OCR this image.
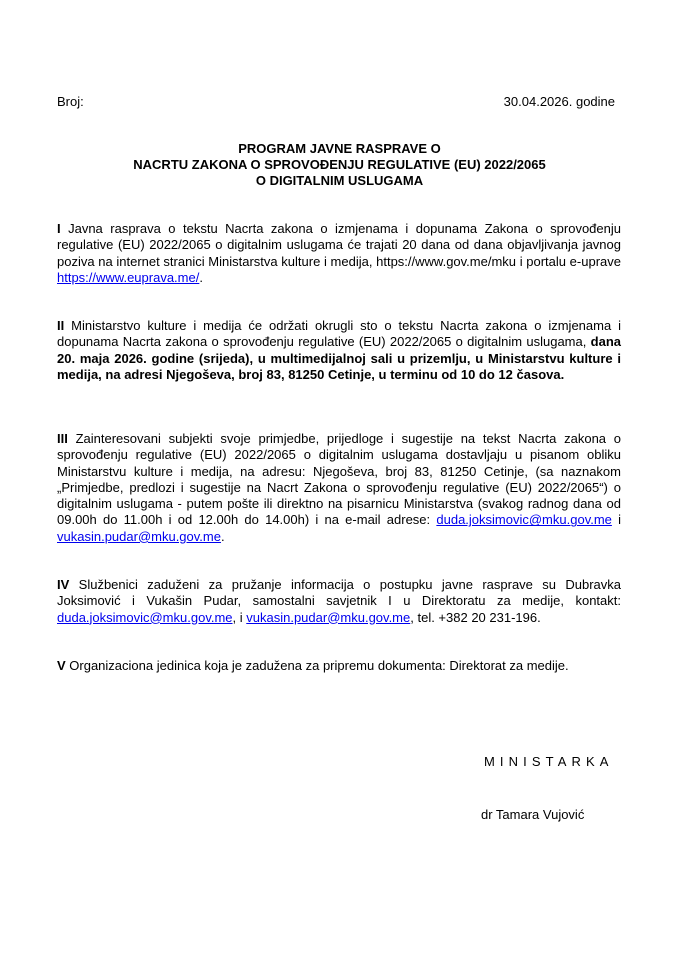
Broj:	30.04.2026. godine
PROGRAM JAVNE RASPRAVE O
NACRTU ZAKONA O SPROVOĐENJU REGULATIVE (EU) 2022/2065
O DIGITALNIM USLUGAMA
I Javna rasprava o tekstu Nacrta zakona o izmjenama i dopunama Zakona o sprovođenju regulative (EU) 2022/2065 o digitalnim uslugama će trajati 20 dana od dana objavljivanja javnog poziva na internet stranici Ministarstva kulture i medija, https://www.gov.me/mku i portalu e-uprave https://www.euprava.me/.
II Ministarstvo kulture i medija će održati okrugli sto o tekstu Nacrta zakona o izmjenama i dopunama Nacrta zakona o sprovođenju regulative (EU) 2022/2065 o digitalnim uslugama, dana 20. maja 2026. godine (srijeda), u multimedijalnoj sali u prizemlju, u Ministarstvu kulture i medija, na adresi Njegoševa, broj 83, 81250 Cetinje, u terminu od 10 do 12 časova.
III Zainteresovani subjekti svoje primjedbe, prijedloge i sugestije na tekst Nacrta zakona o sprovođenju regulative (EU) 2022/2065 o digitalnim uslugama dostavljaju u pisanom obliku Ministarstvu kulture i medija, na adresu: Njegoševa, broj 83, 81250 Cetinje, (sa naznakom „Primjedbe, predlozi i sugestije na Nacrt Zakona o sprovođenju regulative (EU) 2022/2065“) o digitalnim uslugama - putem pošte ili direktno na pisarnicu Ministarstva (svakog radnog dana od 09.00h do 11.00h i od 12.00h do 14.00h) i na e-mail adrese: duda.joksimovic@mku.gov.me i vukasin.pudar@mku.gov.me.
IV Službenici zaduženi za pružanje informacija o postupku javne rasprave su Dubravka Joksimović i Vukašin Pudar, samostalni savjetnik I u Direktoratu za medije, kontakt: duda.joksimovic@mku.gov.me, i vukasin.pudar@mku.gov.me, tel. +382 20 231-196.
V Organizaciona jedinica koja je zadužena za pripremu dokumenta: Direktorat za medije.
MINISTARKA
dr Tamara Vujović
